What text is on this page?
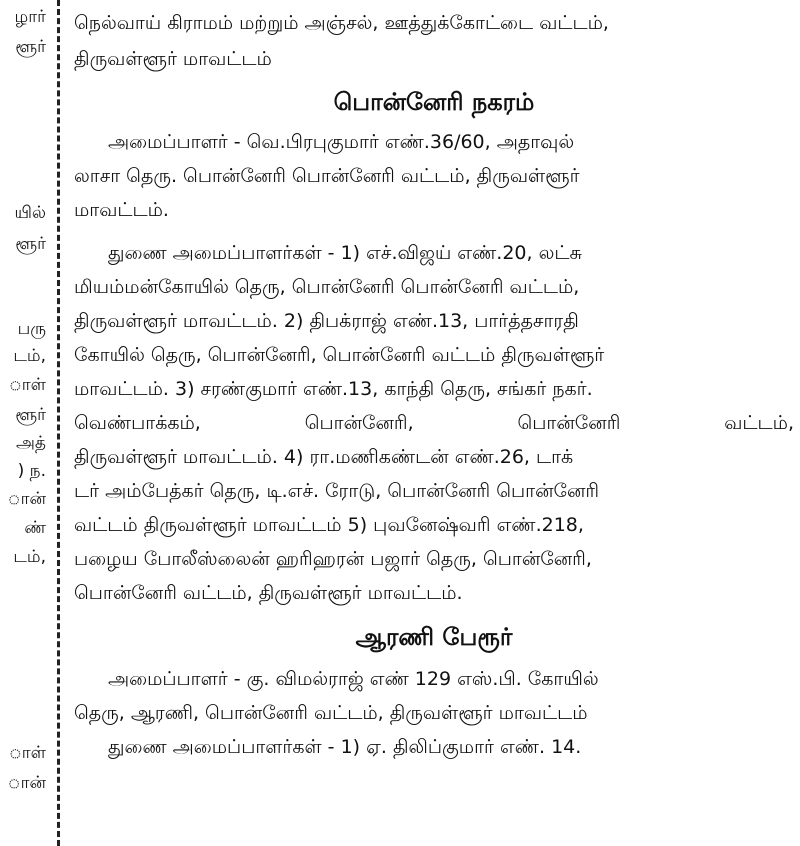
ழார்
ளூர்
யில்
ளூர்
பரு
டம்,
ாள்
ளூர்
அத்
) ந.
ான்
ண்
டம்,
ாள்
ான்
நெல்வாய் கிராமம் மற்றும் அஞ்சல், ஊத்துக்கோட்டை வட்டம்,
திருவள்ளூர் மாவட்டம்
பொன்னேரி நகரம்
அமைப்பாளர் - வெ.பிரபுகுமார் எண்.36/60, அதாவுல்
லாசா தெரு. பொன்னேரி பொன்னேரி வட்டம், திருவள்ளூர்
மாவட்டம்.
துணை அமைப்பாளர்கள் - 1) எச்.விஜய் எண்.20, லட்சு
மியம்மன்கோயில் தெரு, பொன்னேரி பொன்னேரி வட்டம்,
திருவள்ளூர் மாவட்டம். 2) திபக்ராஜ் எண்.13, பார்த்தசாரதி
கோயில் தெரு, பொன்னேரி, பொன்னேரி வட்டம் திருவள்ளூர்
மாவட்டம். 3) சரண்குமார் எண்.13, காந்தி தெரு, சங்கர் நகர்.
வெண்பாக்கம்,	பொன்னேரி,	பொன்னேரி	வட்டம்,
திருவள்ளூர் மாவட்டம். 4) ரா.மணிகண்டன் எண்.26, டாக்
டர் அம்பேத்கர் தெரு, டி.எச். ரோடு, பொன்னேரி பொன்னேரி
வட்டம் திருவள்ளூர் மாவட்டம் 5) புவனேஷ்வரி எண்.218,
பழைய போலீஸ்லைன் ஹரிஹரன் பஜார் தெரு, பொன்னேரி,
பொன்னேரி வட்டம், திருவள்ளூர் மாவட்டம்.
ஆரணி பேரூர்
அமைப்பாளர் - கு. விமல்ராஜ் எண் 129 எஸ்.பி. கோயில்
தெரு, ஆரணி, பொன்னேரி வட்டம், திருவள்ளூர் மாவட்டம்
துணை அமைப்பாளர்கள் - 1) ஏ. திலிப்குமார் எண். 14.
